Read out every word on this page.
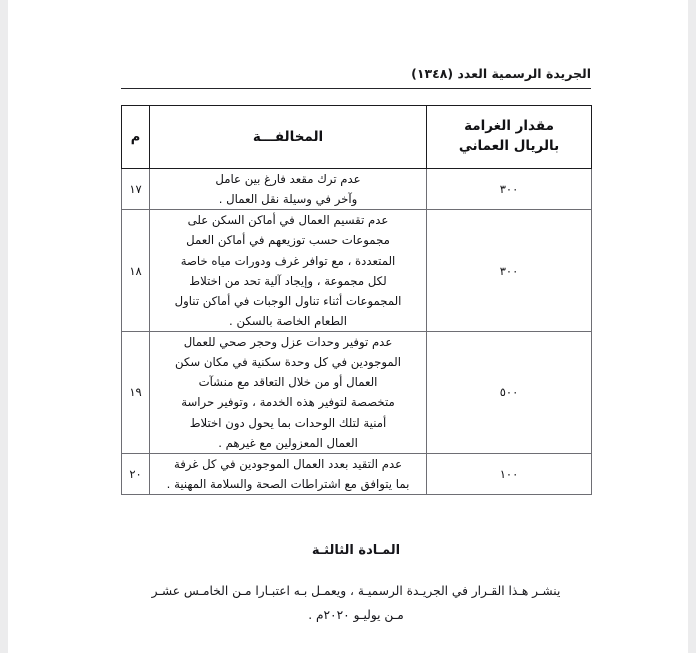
الجريدة الرسمية العدد (١٣٤٨)
مقدار الغرامة
بالريال العماني	المخالفـــة	م
٣٠٠	عدم ترك مقعد فارغ بين عامل
وآخر في وسيلة نقل العمال .	١٧
٣٠٠	عدم تقسيم العمال في أماكن السكن على
مجموعات حسب توزيعهم في أماكن العمل
المتعددة ، مع توافر غرف ودورات مياه خاصة
لكل مجموعة ، وإيجاد آلية تحد من اختلاط
المجموعات أثناء تناول الوجبات في أماكن تناول
الطعام الخاصة بالسكن .	١٨
٥٠٠	عدم توفير وحدات عزل وحجر صحي للعمال
الموجودين في كل وحدة سكنية في مكان سكن
العمال أو من خلال التعاقد مع منشآت
متخصصة لتوفير هذه الخدمة ، وتوفير حراسة
أمنية لتلك الوحدات بما يحول دون اختلاط
العمال المعزولين مع غيرهم .	١٩
١٠٠	عدم التقيد بعدد العمال الموجودين في كل غرفة
بما يتوافق مع اشتراطات الصحة والسلامة المهنية .	٢٠
المـادة الثالثـة
ينشـر هـذا القـرار في الجريـدة الرسميـة ، ويعمـل بـه اعتبـارا مـن الخامـس عشـر
مـن يوليـو ٢٠٢٠م .
